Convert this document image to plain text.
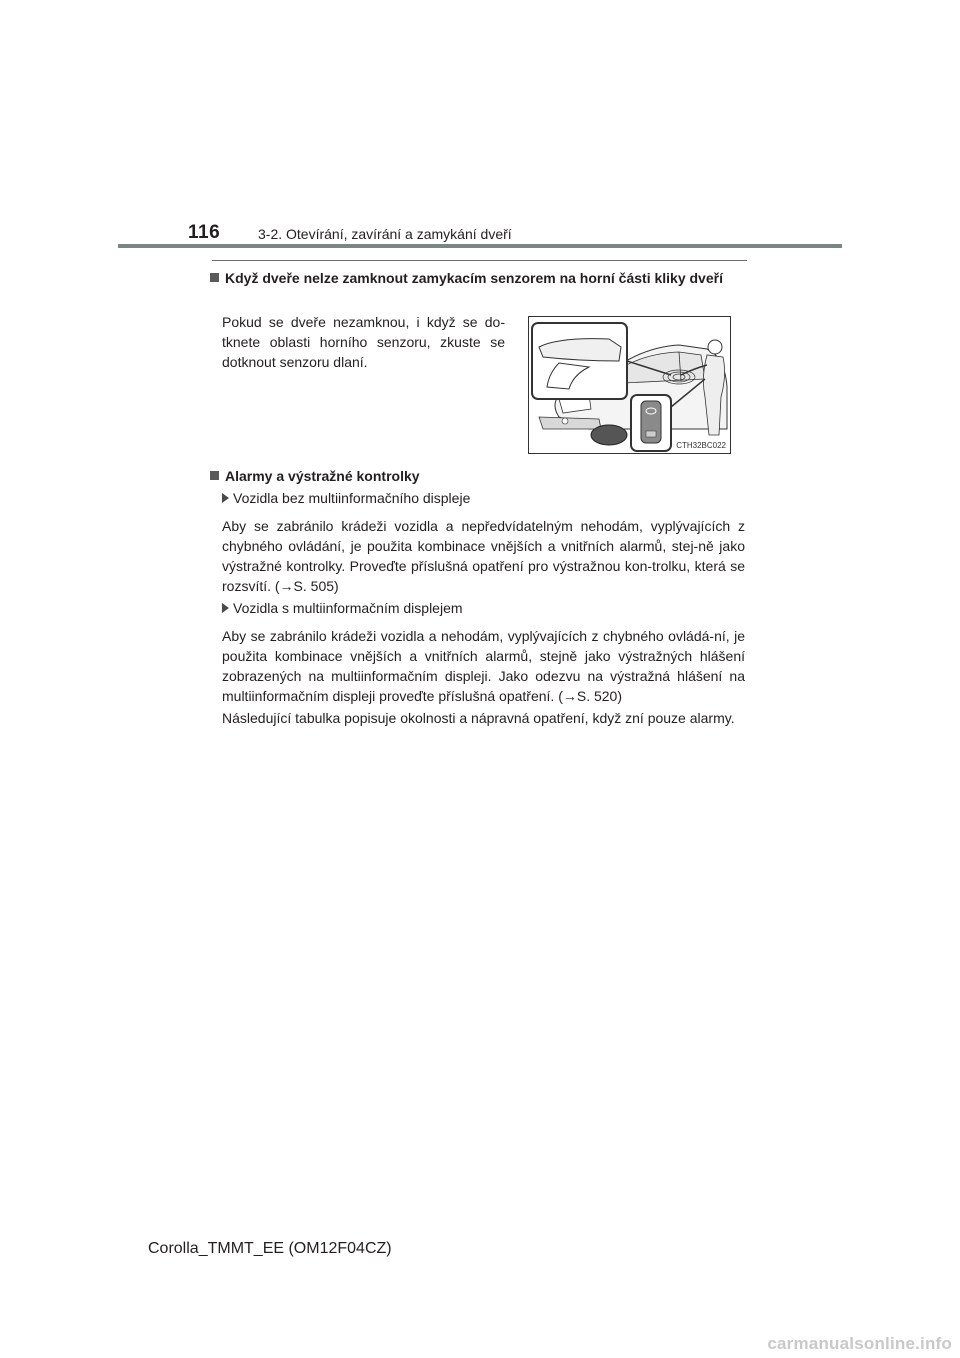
116	3-2. Otevírání, zavírání a zamykání dveří
Když dveře nelze zamknout zamykacím senzorem na horní části kliky dveří
Pokud se dveře nezamknou, i když se do-tknete oblasti horního senzoru, zkuste se dotknout senzoru dlaní.
CTH32BC022
Alarmy a výstražné kontrolky
Vozidla bez multiinformačního displeje
Aby se zabránilo krádeži vozidla a nepředvídatelným nehodám, vyplývajících z chybného ovládání, je použita kombinace vnějších a vnitřních alarmů, stej-ně jako výstražné kontrolky. Proveďte příslušná opatření pro výstražnou kon-trolku, která se rozsvítí. (→S. 505)
Vozidla s multiinformačním displejem
Aby se zabránilo krádeži vozidla a nehodám, vyplývajících z chybného ovládá-ní, je použita kombinace vnějších a vnitřních alarmů, stejně jako výstražných hlášení zobrazených na multiinformačním displeji. Jako odezvu na výstražná hlášení na multiinformačním displeji proveďte příslušná opatření. (→S. 520)
Následující tabulka popisuje okolnosti a nápravná opatření, když zní pouze alarmy.
Corolla_TMMT_EE (OM12F04CZ)
carmanualsonline.info
